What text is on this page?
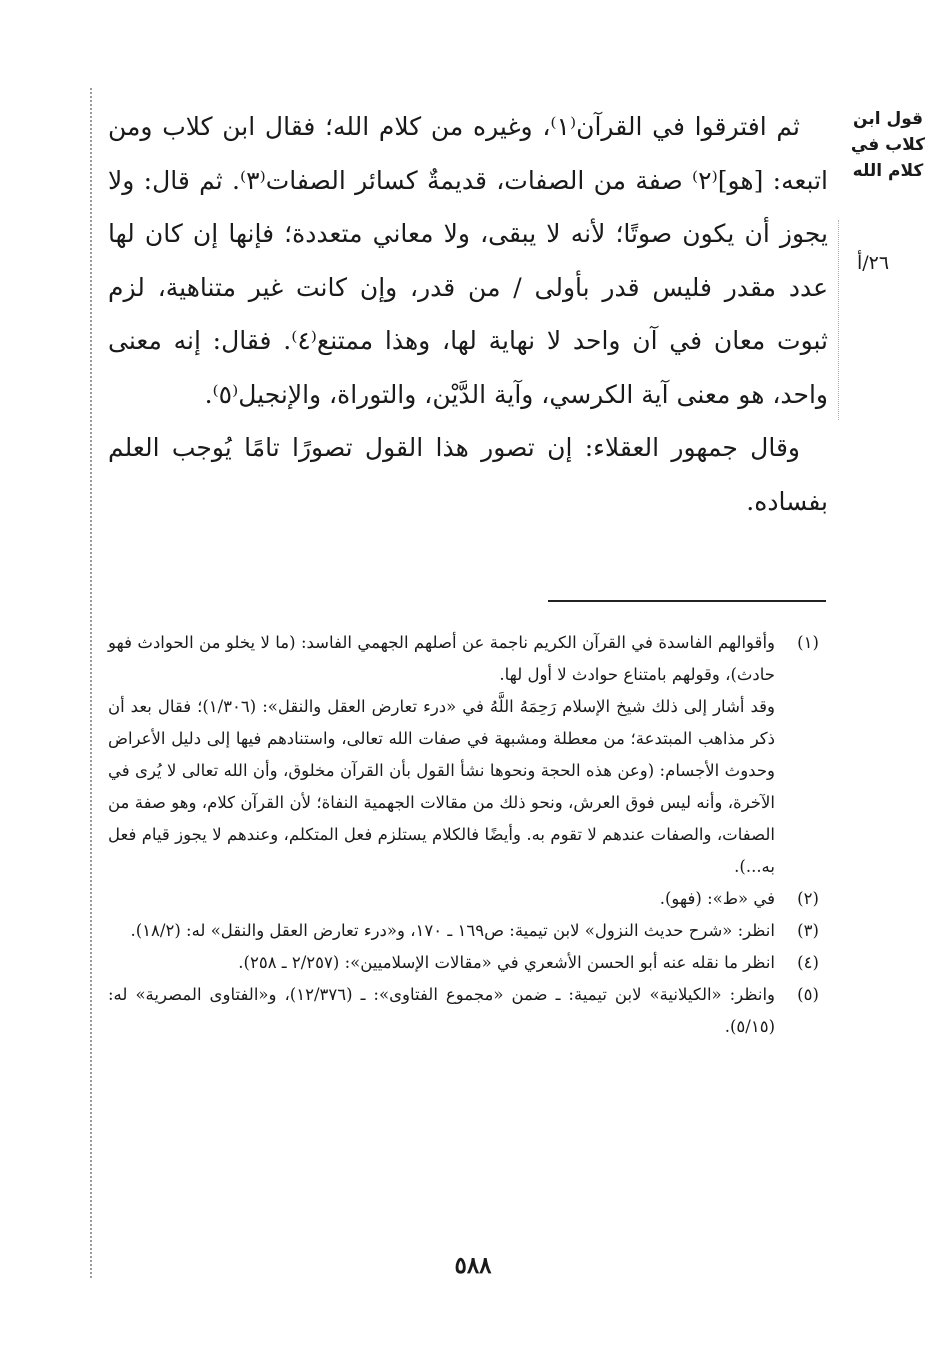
قول ابن كلاب في كلام الله
٢٦/أ

ثم افترقوا في القرآن⁽١⁾، وغيره من كلام الله؛ فقال ابن كلاب ومن اتبعه: [هو]⁽٢⁾ صفة من الصفات، قديمةٌ كسائر الصفات⁽٣⁾. ثم قال: ولا يجوز أن يكون صوتًا؛ لأنه لا يبقى، ولا معاني متعددة؛ فإنها إن كان لها عدد مقدر فليس قدر بأولى / من قدر، وإن كانت غير متناهية، لزم ثبوت معان في آن واحد لا نهاية لها، وهذا ممتنع⁽٤⁾. فقال: إنه معنى واحد، هو معنى آية الكرسي، وآية الدَّيْن، والتوراة، والإنجيل⁽٥⁾.

وقال جمهور العقلاء: إن تصور هذا القول تصورًا تامًا يُوجب العلم بفساده.

(١)

وأقوالهم الفاسدة في القرآن الكريم ناجمة عن أصلهم الجهمي الفاسد: (ما لا يخلو من الحوادث فهو حادث)، وقولهم بامتناع حوادث لا أول لها.

وقد أشار إلى ذلك شيخ الإسلام رَحِمَهُ اللَّهُ في «درء تعارض العقل والنقل»: (١/٣٠٦)؛ فقال بعد أن ذكر مذاهب المبتدعة؛ من معطلة ومشبهة في صفات الله تعالى، واستنادهم فيها إلى دليل الأعراض وحدوث الأجسام: (وعن هذه الحجة ونحوها نشأ القول بأن القرآن مخلوق، وأن الله تعالى لا يُرى في الآخرة، وأنه ليس فوق العرش، ونحو ذلك من مقالات الجهمية النفاة؛ لأن القرآن كلام، وهو صفة من الصفات، والصفات عندهم لا تقوم به. وأيضًا فالكلام يستلزم فعل المتكلم، وعندهم لا يجوز قيام فعل به...).

(٢)

في «ط»: (فهو).

(٣)

انظر: «شرح حديث النزول» لابن تيمية: ص١٦٩ ـ ١٧٠، و«درء تعارض العقل والنقل» له: (١٨/٢).

(٤)

انظر ما نقله عنه أبو الحسن الأشعري في «مقالات الإسلاميين»: (٢/٢٥٧ ـ ٢٥٨).

(٥)

وانظر: «الكيلانية» لابن تيمية: ـ ضمن «مجموع الفتاوى»: ـ (١٢/٣٧٦)، و«الفتاوى المصرية» له: (٥/١٥).

٥٨٨
